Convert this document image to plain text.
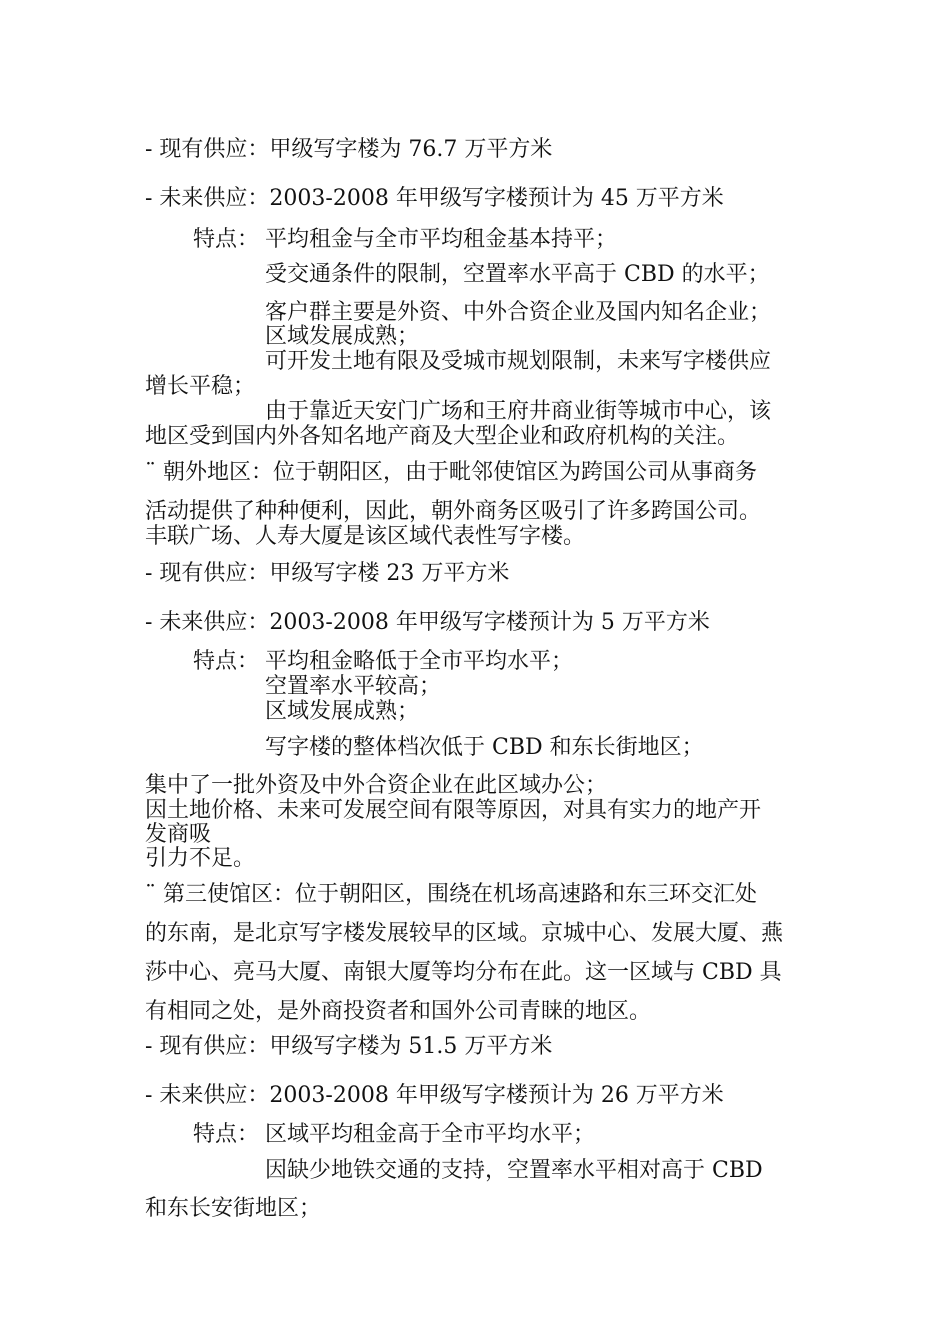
- 现有供应：甲级写字楼为 76.7 万平方米
- 未来供应：2003-2008 年甲级写字楼预计为 45 万平方米
特点： 平均租金与全市平均租金基本持平；
受交通条件的限制，空置率水平高于 CBD 的水平；
客户群主要是外资、中外合资企业及国内知名企业；
区域发展成熟；
可开发土地有限及受城市规划限制，未来写字楼供应
增长平稳；
由于靠近天安门广场和王府井商业街等城市中心，该
地区受到国内外各知名地产商及大型企业和政府机构的关注。
¨ 朝外地区：位于朝阳区，由于毗邻使馆区为跨国公司从事商务
活动提供了种种便利，因此，朝外商务区吸引了许多跨国公司。
丰联广场、人寿大厦是该区域代表性写字楼。
- 现有供应：甲级写字楼 23 万平方米
- 未来供应：2003-2008 年甲级写字楼预计为 5 万平方米
特点： 平均租金略低于全市平均水平；
空置率水平较高；
区域发展成熟；
写字楼的整体档次低于 CBD 和东长街地区；
集中了一批外资及中外合资企业在此区域办公；
因土地价格、未来可发展空间有限等原因，对具有实力的地产开
发商吸
引力不足。
¨ 第三使馆区：位于朝阳区，围绕在机场高速路和东三环交汇处
的东南，是北京写字楼发展较早的区域。京城中心、发展大厦、燕
莎中心、亮马大厦、南银大厦等均分布在此。这一区域与 CBD 具
有相同之处，是外商投资者和国外公司青睐的地区。
- 现有供应：甲级写字楼为 51.5 万平方米
- 未来供应：2003-2008 年甲级写字楼预计为 26 万平方米
特点： 区域平均租金高于全市平均水平；
因缺少地铁交通的支持，空置率水平相对高于 CBD
和东长安街地区；
